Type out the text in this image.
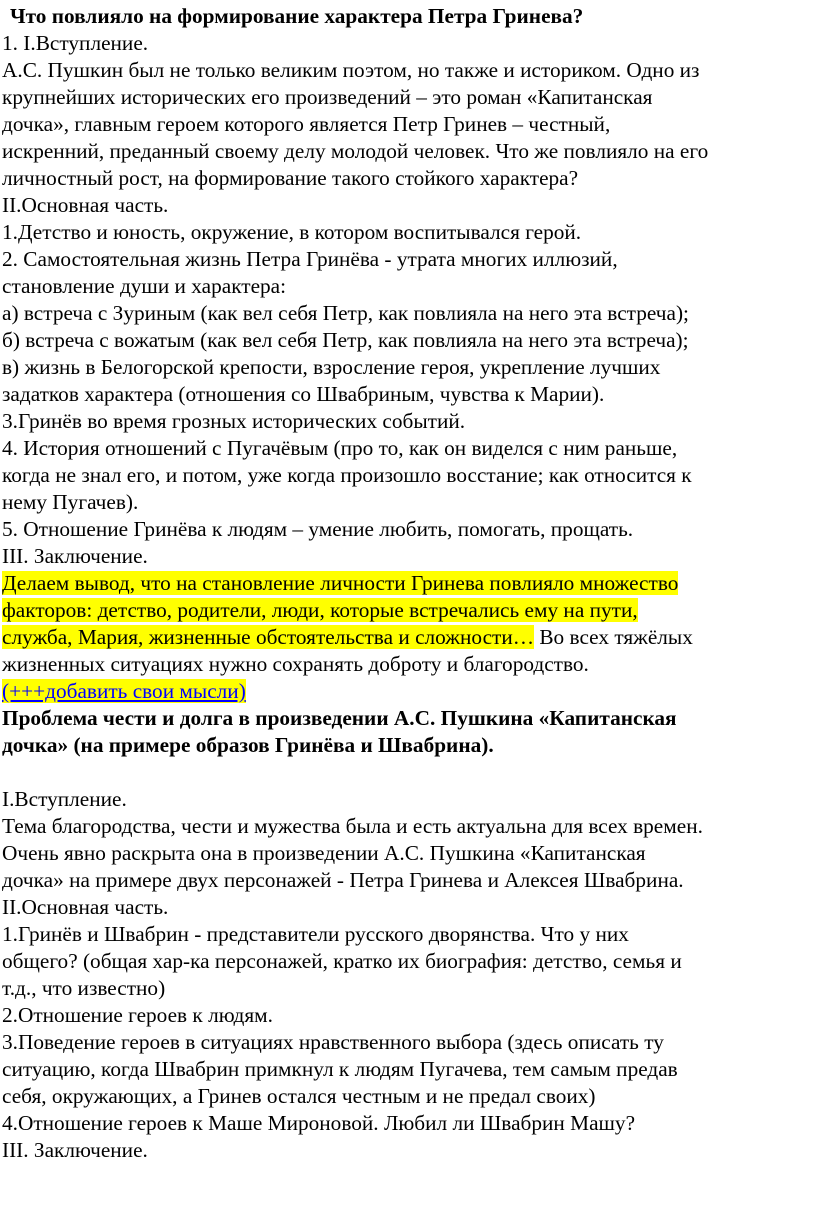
Что повлияло на формирование характера Петра Гринева?
1. I.Вступление.
А.С. Пушкин был не только великим поэтом, но также и историком. Одно из
крупнейших исторических его произведений – это роман «Капитанская
дочка», главным героем которого является Петр Гринев – честный,
искренний, преданный своему делу молодой человек. Что же повлияло на его
личностный рост, на формирование такого стойкого характера?
II.Основная часть.
1.Детство и юность, окружение, в котором воспитывался герой.
2. Самостоятельная жизнь Петра Гринёва - утрата многих иллюзий,
становление души и характера:
а) встреча с Зуриным (как вел себя Петр, как повлияла на него эта встреча);
б) встреча с вожатым (как вел себя Петр, как повлияла на него эта встреча);
в) жизнь в Белогорской крепости, взросление героя, укрепление лучших
задатков характера (отношения со Швабриным, чувства к Марии).
3.Гринёв во время грозных исторических событий.
4. История отношений с Пугачёвым (про то, как он виделся с ним раньше,
когда не знал его, и потом, уже когда произошло восстание; как относится к
нему Пугачев).
5. Отношение Гринёва к людям – умение любить, помогать, прощать.
III. Заключение.
Делаем вывод, что на становление личности Гринева повлияло множество
факторов: детство, родители, люди, которые встречались ему на пути,
служба, Мария, жизненные обстоятельства и сложности… Во всех тяжёлых
жизненных ситуациях нужно сохранять доброту и благородство.
(+++добавить свои мысли)
Проблема чести и долга в произведении А.С. Пушкина «Капитанская
дочка» (на примере образов Гринёва и Швабрина).
I.Вступление.
Тема благородства, чести и мужества была и есть актуальна для всех времен.
Очень явно раскрыта она в произведении А.С. Пушкина «Капитанская
дочка» на примере двух персонажей - Петра Гринева и Алексея Швабрина.
II.Основная часть.
1.Гринёв и Швабрин - представители русского дворянства. Что у них
общего? (общая хар-ка персонажей, кратко их биография: детство, семья и
т.д., что известно)
2.Отношение героев к людям.
3.Поведение героев в ситуациях нравственного выбора (здесь описать ту
ситуацию, когда Швабрин примкнул к людям Пугачева, тем самым предав
себя, окружающих, а Гринев остался честным и не предал своих)
4.Отношение героев к Маше Мироновой. Любил ли Швабрин Машу?
III. Заключение.
